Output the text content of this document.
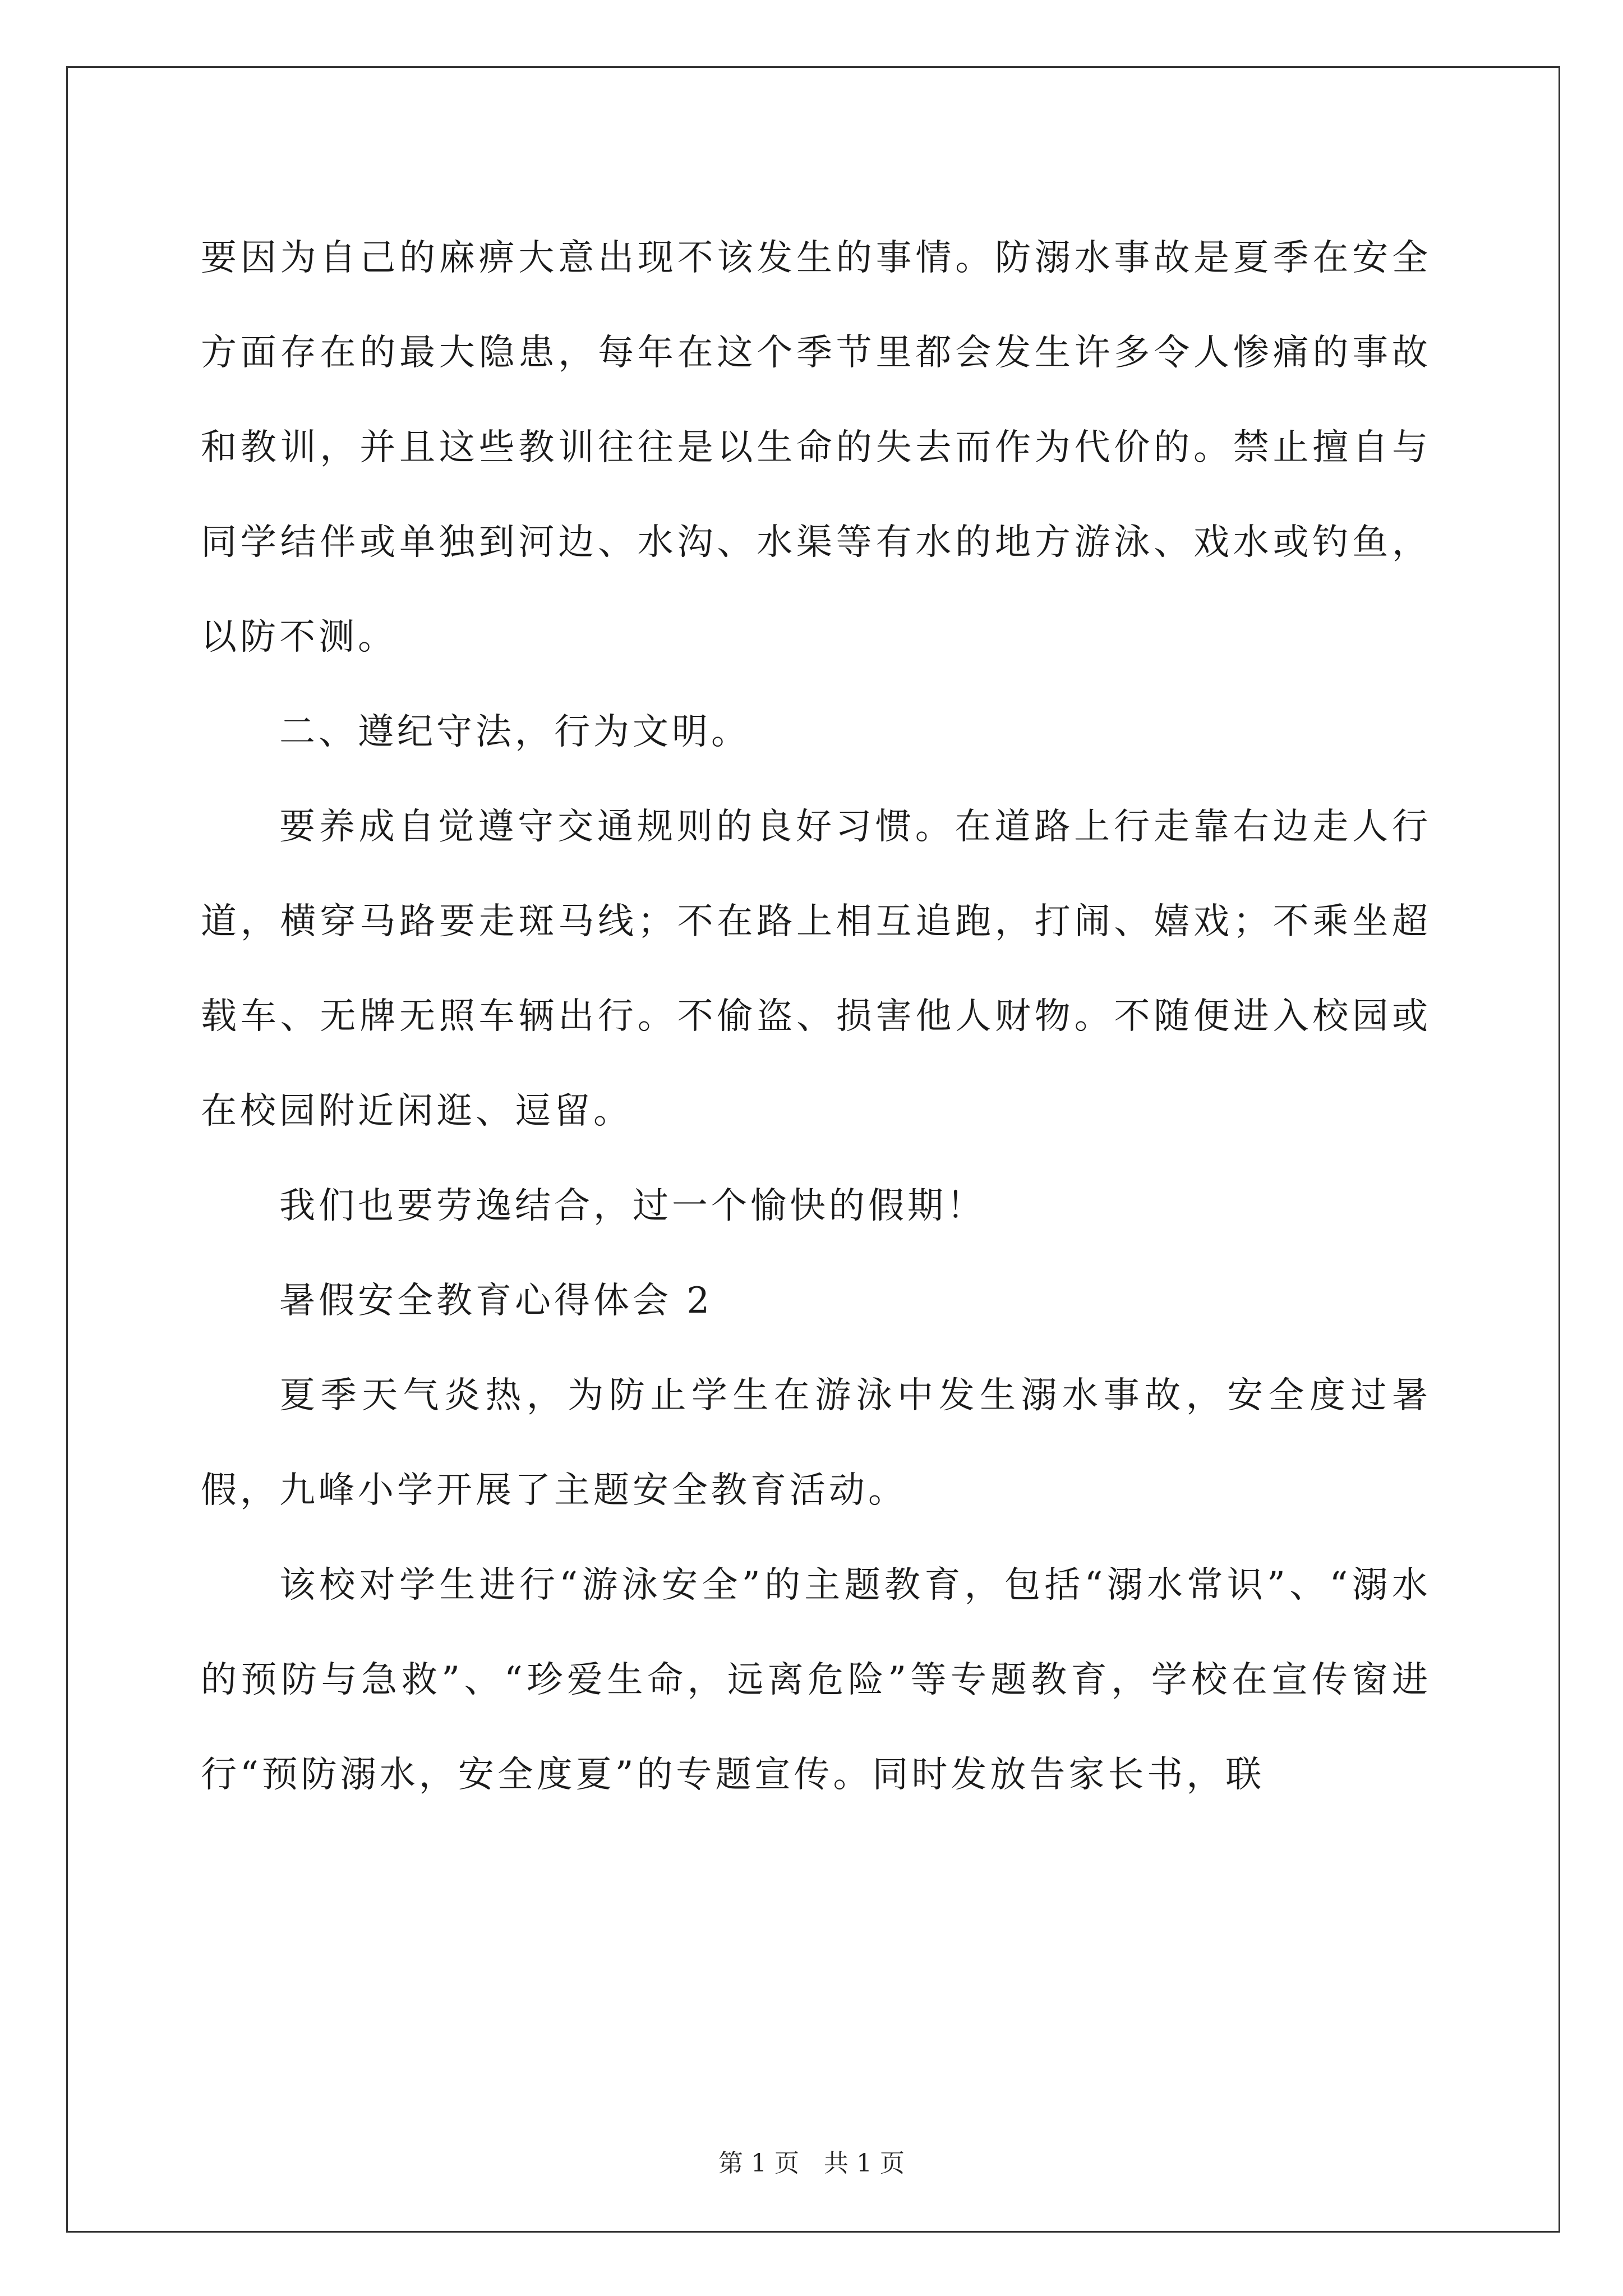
要因为自己的麻痹大意出现不该发生的事情。防溺水事故是夏季在安全方面存在的最大隐患，每年在这个季节里都会发生许多令人惨痛的事故和教训，并且这些教训往往是以生命的失去而作为代价的。禁止擅自与同学结伴或单独到河边、水沟、水渠等有水的地方游泳、戏水或钓鱼，以防不测。

二、遵纪守法，行为文明。

要养成自觉遵守交通规则的良好习惯。在道路上行走靠右边走人行道，横穿马路要走斑马线；不在路上相互追跑，打闹、嬉戏；不乘坐超载车、无牌无照车辆出行。不偷盗、损害他人财物。不随便进入校园或在校园附近闲逛、逗留。

我们也要劳逸结合，过一个愉快的假期！

暑假安全教育心得体会 2

夏季天气炎热，为防止学生在游泳中发生溺水事故，安全度过暑假，九峰小学开展了主题安全教育活动。

该校对学生进行“游泳安全”的主题教育，包括“溺水常识”、“溺水的预防与急救”、“珍爱生命，远离危险”等专题教育，学校在宣传窗进行“预防溺水，安全度夏”的专题宣传。同时发放告家长书，联

第 1 页　共 1 页
